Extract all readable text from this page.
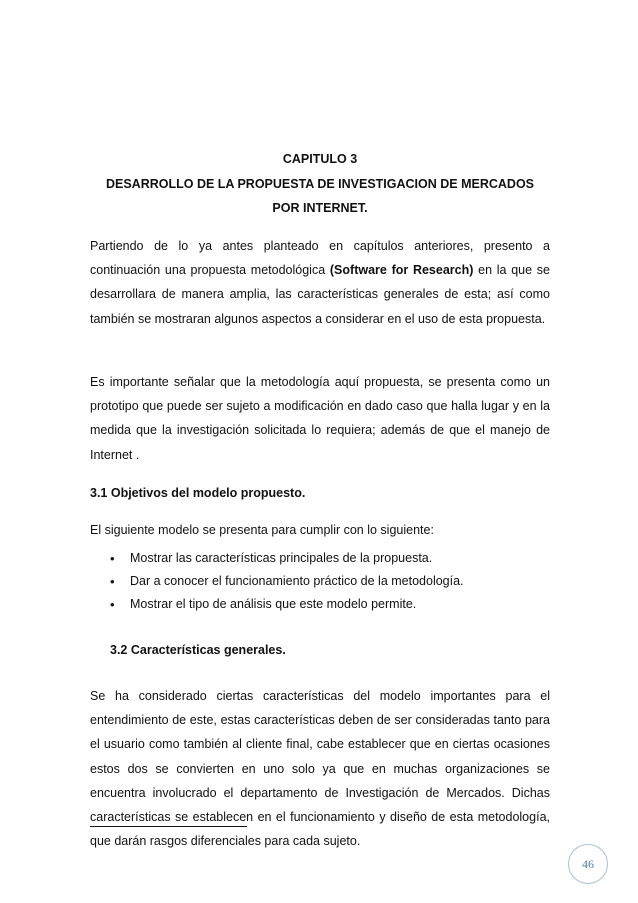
CAPITULO 3
DESARROLLO DE LA PROPUESTA DE INVESTIGACION DE MERCADOS
POR INTERNET.

Partiendo de lo ya antes planteado en capítulos anteriores, presento a continuación una propuesta metodológica (Software for Research) en la que se desarrollara de manera amplia, las características generales de esta; así como también se mostraran algunos aspectos a considerar en el uso de esta propuesta.

Es importante señalar que la metodología aquí propuesta, se presenta como un prototipo que puede ser sujeto a modificación en dado caso que halla lugar y en la medida que la investigación solicitada lo requiera; además de que el manejo de Internet .

3.1 Objetivos del modelo propuesto.
El siguiente modelo se presenta para cumplir con lo siguiente:
• Mostrar las características principales de la propuesta.
• Dar a conocer el funcionamiento práctico de la metodología.
• Mostrar el tipo de análisis que este modelo permite.
3.2 Características generales.

Se ha considerado ciertas características del modelo importantes para el entendimiento de este, estas características deben de ser consideradas tanto para el usuario como también al cliente final, cabe establecer que en ciertas ocasiones estos dos se convierten en uno solo ya que en muchas organizaciones se encuentra involucrado el departamento de Investigación de Mercados. Dichas características se establecen en el funcionamiento y diseño de esta metodología, que darán rasgos diferenciales para cada sujeto.

46
